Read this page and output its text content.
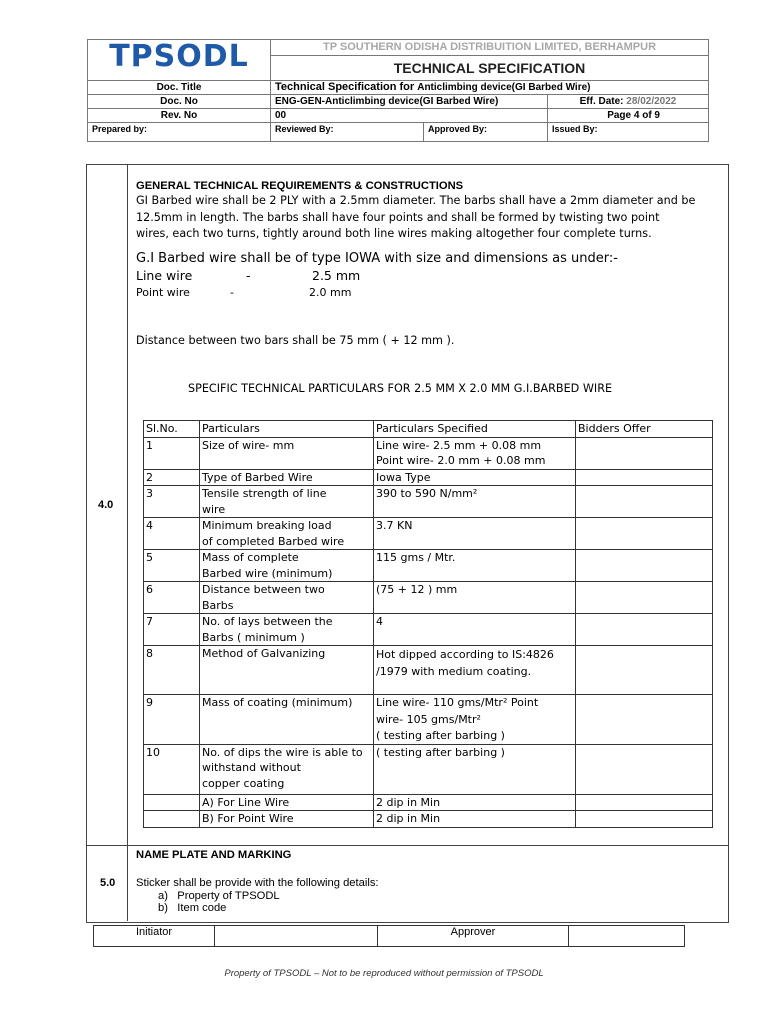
TPSODL	TP SOUTHERN ODISHA DISTRIBUITION LIMITED, BERHAMPUR		
	TECHNICAL SPECIFICATION		
Doc. Title	Technical Specification for Anticlimbing device(GI Barbed Wire)		
Doc. No	ENG-GEN-Anticlimbing device(GI Barbed Wire)		Eff. Date: 28/02/2022
Rev. No	00		Page 4 of 9
Prepared by:	Reviewed By:	Approved By:	Issued By:
4.0
GENERAL TECHNICAL REQUIREMENTS & CONSTRUCTIONS
GI Barbed wire shall be 2 PLY with a 2.5mm diameter. The barbs shall have a 2mm diameter and be
12.5mm in length. The barbs shall have four points and shall be formed by twisting two point
wires, each two turns, tightly around both line wires making altogether four complete turns.
G.I Barbed wire shall be of type IOWA with size and dimensions as under:-
Line wire	-	2.5 mm
Point wire	-	2.0 mm
Distance between two bars shall be 75 mm ( + 12 mm ).
SPECIFIC TECHNICAL PARTICULARS FOR 2.5 MM X 2.0 MM G.I.BARBED WIRE
Sl.No.	Particulars	Particulars Specified	Bidders Offer
1	Size of wire- mm	Line wire- 2.5 mm + 0.08 mm
Point wire- 2.0 mm + 0.08 mm	

2	Type of Barbed Wire	Iowa Type	

3	Tensile strength of line
wire	390 to 590 N/mm²	

4	Minimum breaking load
of completed Barbed wire	3.7 KN	

5	Mass of complete
Barbed wire (minimum)	115 gms / Mtr.	

6	Distance between two
Barbs	(75 + 12 ) mm	

7	No. of lays between the
Barbs ( minimum )	4	

8	Method of Galvanizing	Hot dipped according to IS:4826
/1979 with medium coating.	

9	Mass of coating (minimum)	Line wire- 110 gms/Mtr² Point
wire- 105 gms/Mtr²
( testing after barbing )	

10	No. of dips the wire is able to
withstand without
copper coating	( testing after barbing )	

	A) For Line Wire	2 dip in Min	

	B) For Point Wire	2 dip in Min	

5.0
NAME PLATE AND MARKING
Sticker shall be provide with the following details:
a)   Property of TPSODL
b)   Item code
Initiator		Approver	
Property of TPSODL – Not to be reproduced without permission of TPSODL
